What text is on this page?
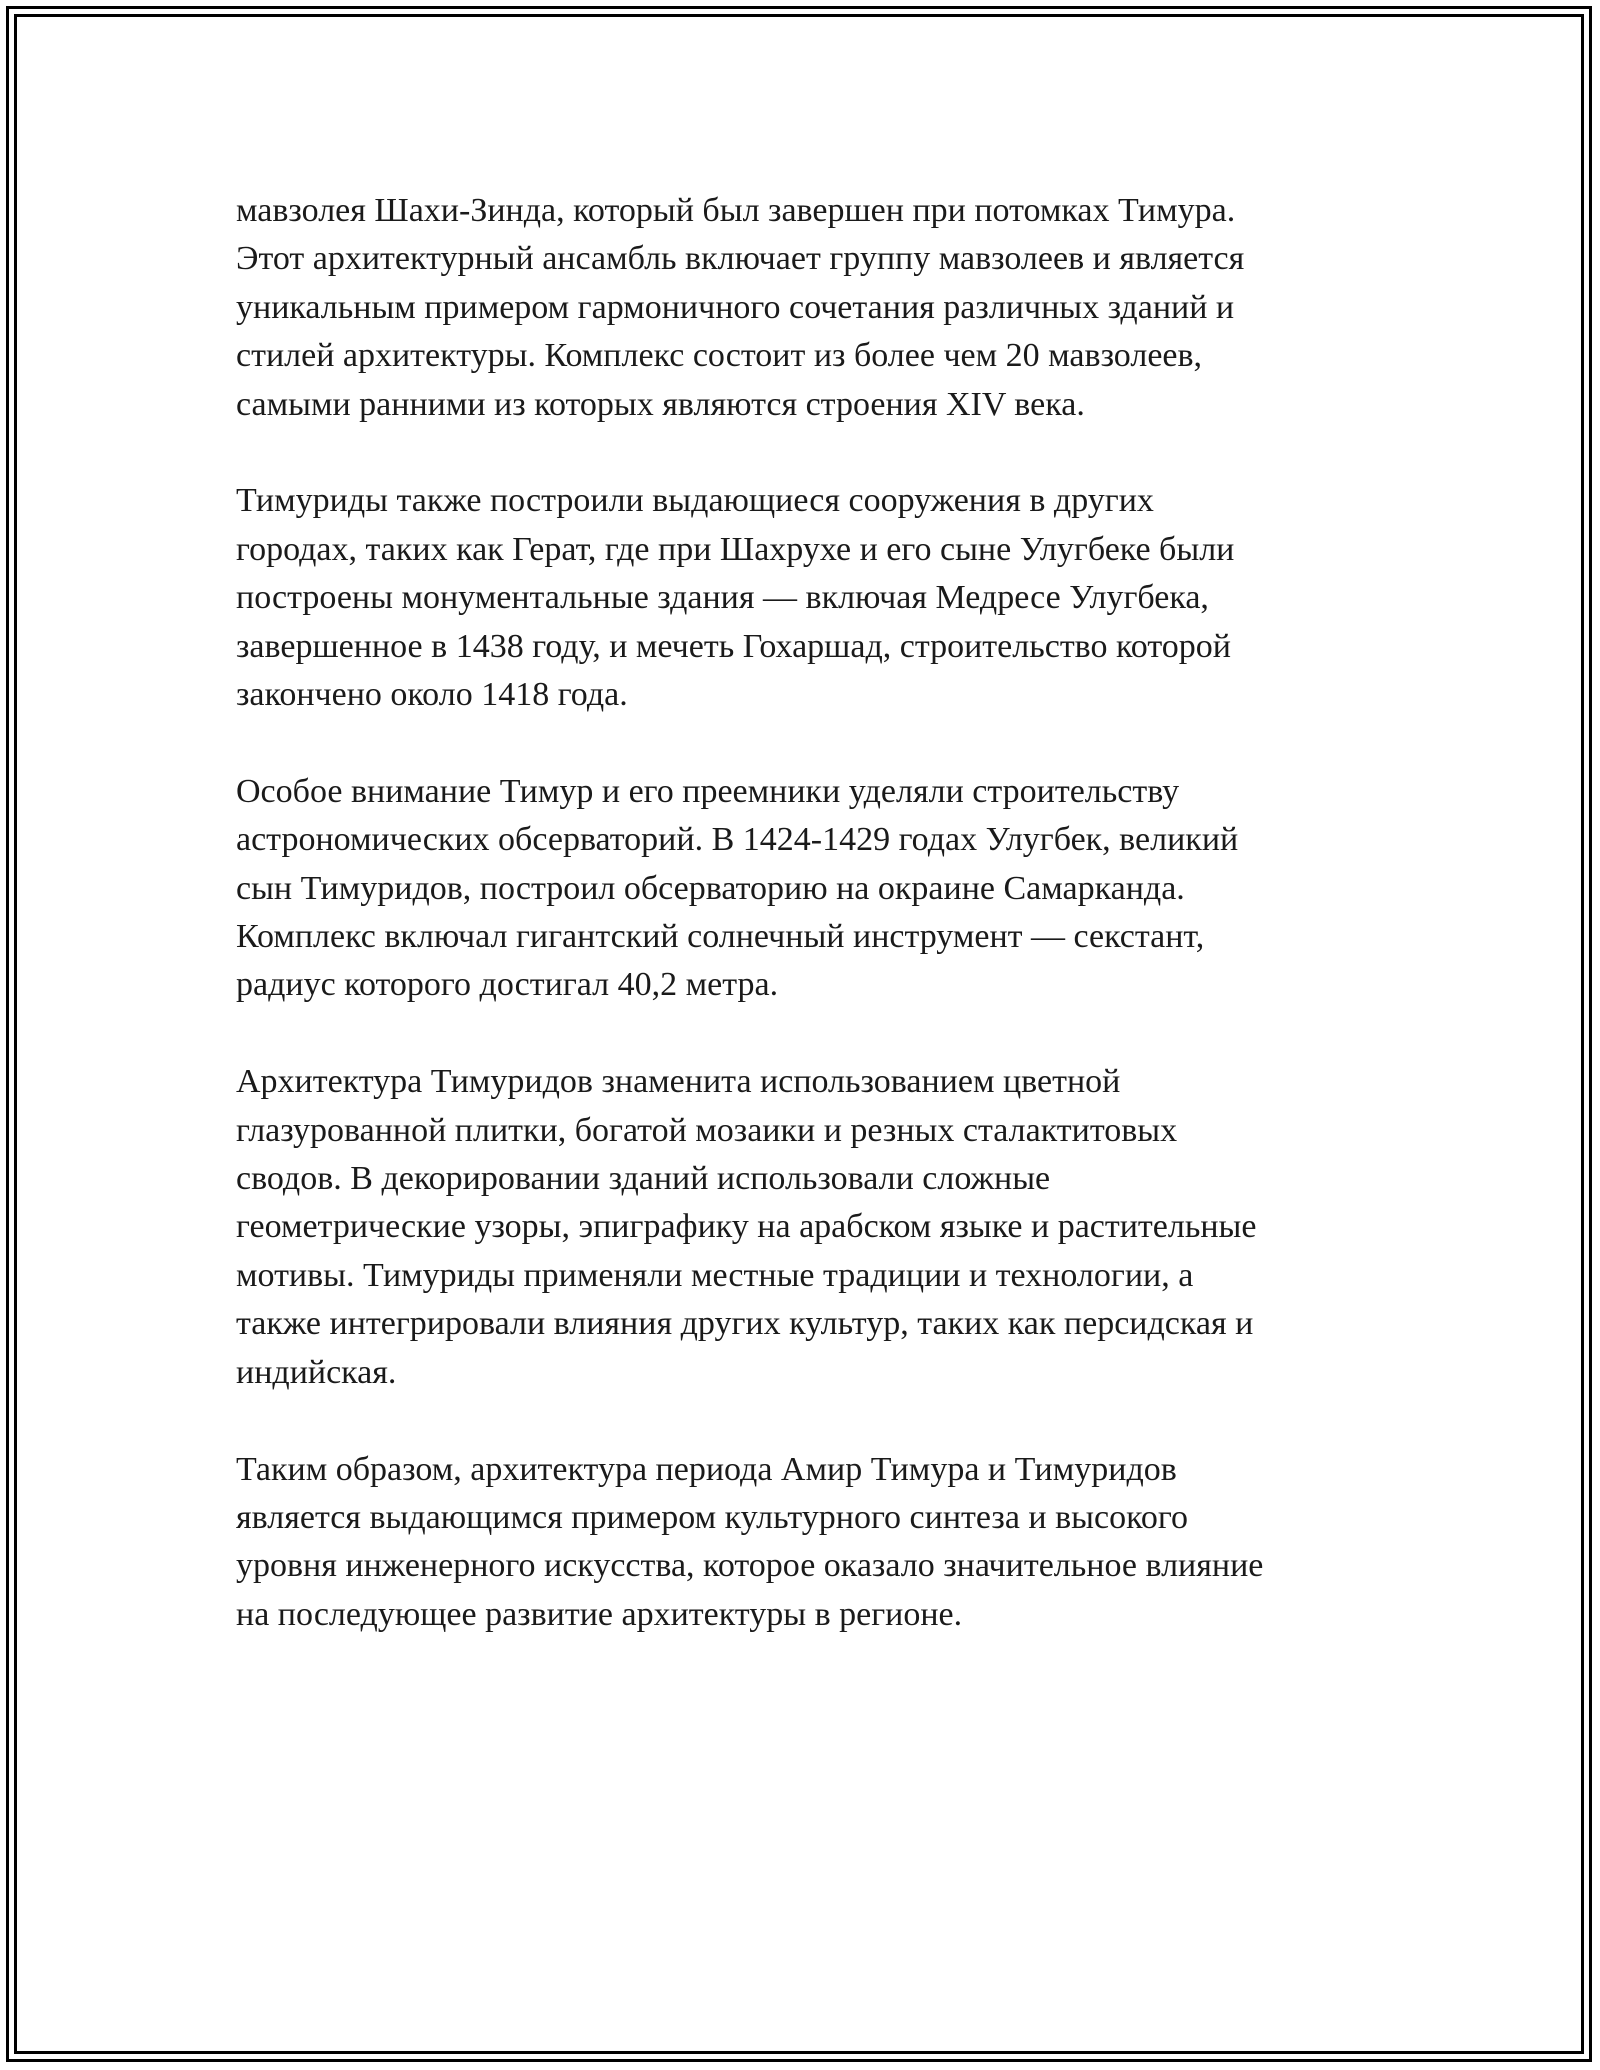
мавзолея Шахи-Зинда, который был завершен при потомках Тимура.
Этот архитектурный ансамбль включает группу мавзолеев и является
уникальным примером гармоничного сочетания различных зданий и
стилей архитектуры. Комплекс состоит из более чем 20 мавзолеев,
самыми ранними из которых являются строения XIV века.

Тимуриды также построили выдающиеся сооружения в других
городах, таких как Герат, где при Шахрухе и его сыне Улугбеке были
построены монументальные здания — включая Медресе Улугбека,
завершенное в 1438 году, и мечеть Гохаршад, строительство которой
закончено около 1418 года.

Особое внимание Тимур и его преемники уделяли строительству
астрономических обсерваторий. В 1424-1429 годах Улугбек, великий
сын Тимуридов, построил обсерваторию на окраине Самарканда.
Комплекс включал гигантский солнечный инструмент — секстант,
радиус которого достигал 40,2 метра.

Архитектура Тимуридов знаменита использованием цветной
глазурованной плитки, богатой мозаики и резных сталактитовых
сводов. В декорировании зданий использовали сложные
геометрические узоры, эпиграфику на арабском языке и растительные
мотивы. Тимуриды применяли местные традиции и технологии, а
также интегрировали влияния других культур, таких как персидская и
индийская.

Таким образом, архитектура периода Амир Тимура и Тимуридов
является выдающимся примером культурного синтеза и высокого
уровня инженерного искусства, которое оказало значительное влияние
на последующее развитие архитектуры в регионе.
